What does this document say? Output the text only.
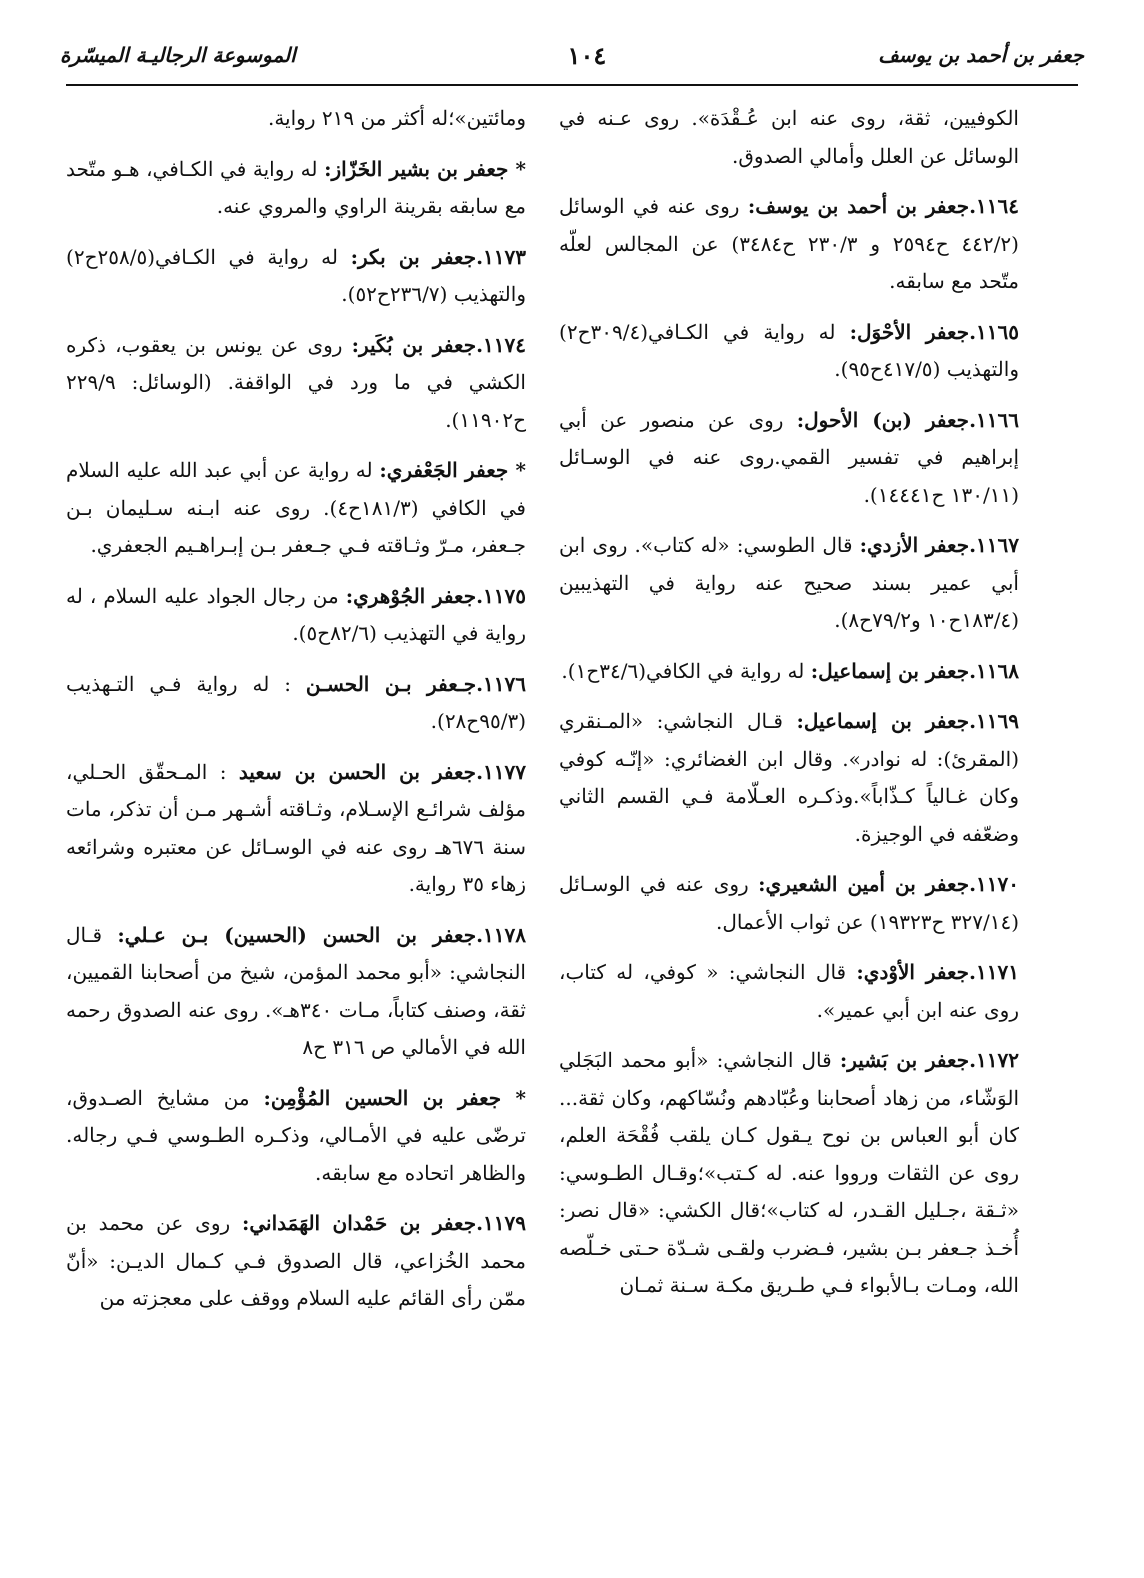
جعفر بن أحمد بن يوسف
١٠٤
الموسوعة الرجاليـة الميسّرة

الكوفيين، ثقة، روى عنه ابن عُـقْدَة». روى عـنه في الوسائل عن العلل وأمالي الصدوق.

١١٦٤.جعفر بن أحمد بن يوسف: روى عنه في الوسائل (٤٤٢/٢ ح٢٥٩٤ و ٢٣٠/٣ ح٣٤٨٤) عن المجالس لعلّه متّحد مع سابقه.

١١٦٥.جعفر الأحْوَل: له رواية في الكـافي(٣٠٩/٤ح٢) والتهذيب (٤١٧/٥ح٩٥).

١١٦٦.جعفر (بن) الأحول: روى عن منصور عن أبي إبراهيم في تفسير القمي.روى عنه في الوسـائل (١٣٠/١١ ح١٤٤٤١).

١١٦٧.جعفر الأزدي: قال الطوسي: «له كتاب». روى ابن أبي عمير بسند صحيح عنه رواية في التهذيبين (١٨٣/٤ح١٠ و٧٩/٢ح٨).

١١٦٨.جعفر بن إسماعيل: له رواية في الكافي(٣٤/٦ح١).

١١٦٩.جعفر بن إسماعيل: قـال النجاشي: «المـنقري (المقرئ): له نوادر». وقال ابن الغضائري: «إنّـه كوفي وكان غـالياً كـذّاباً».وذكـره العـلّامة فـي القسم الثاني وضعّفه في الوجيزة.

١١٧٠.جعفر بن أمين الشعيري: روى عنه في الوسـائل (٣٢٧/١٤ ح١٩٣٢٣) عن ثواب الأعمال.

١١٧١.جعفر الأوْدي: قال النجاشي: « كوفي، له كتاب، روى عنه ابن أبي عمير».

١١٧٢.جعفر بن بَشير: قال النجاشي: «أبو محمد البَجَلي الوَشّاء، من زهاد أصحابنا وعُبّادهم ونُسّاكهم، وكان ثقة... كان أبو العباس بن نوح يـقول كـان يلقب فُقْحَة العلم، روى عن الثقات ورووا عنه. له كـتب»؛وقـال الطـوسي: «ثـقة ،جـليل القـدر، له كتاب»؛قال الكشي: «قال نصر: أُخـذ جـعفر بـن بشير، فـضرب ولقـى شـدّة حـتى خـلّصه الله، ومـات بـالأبواء فـي طـريق مكـة سـنة ثمـان

ومائتين»؛له أكثر من ٢١٩ رواية.

* جعفر بن بشير الخَزّاز: له رواية في الكـافي، هـو متّحد مع سابقه بقرينة الراوي والمروي عنه.

١١٧٣.جعفر بن بكر: له رواية في الكـافي(٢٥٨/٥ح٢) والتهذيب (٢٣٦/٧ح٥٢).

١١٧٤.جعفر بن بُكَير: روى عن يونس بن يعقوب، ذكره الكشي في ما ورد في الواقفة. (الوسائل: ٢٢٩/٩ ح١١٩٠٢).

* جعفر الجَعْفري: له رواية عن أبي عبد الله عليه السلام في الكافي (١٨١/٣ح٤). روى عنه ابـنه سـليمان بـن جـعفر، مـرّ وثـاقته فـي جـعفر بـن إبـراهـيم الجعفري.

١١٧٥.جعفر الجُوْهري: من رجال الجواد عليه السلام ، له رواية في التهذيب (٨٢/٦ح٥).

١١٧٦.جـعفر بـن الحسـن : له رواية فـي التـهذيب (٩٥/٣ح٢٨).

١١٧٧.جعفر بن الحسن بن سعيد : المـحقّق الحـلي، مؤلف شرائـع الإسـلام، وثـاقته أشـهر مـن أن تذكر، مات سنة ٦٧٦هـ روى عنه في الوسـائل عن معتبره وشرائعه زهاء ٣٥ رواية.

١١٧٨.جعفر بن الحسن (الحسين) بـن عـلي: قـال النجاشي: «أبو محمد المؤمن، شيخ من أصحابنا القميين، ثقة، وصنف كتاباً، مـات ٣٤٠هـ». روى عنه الصدوق رحمه الله في الأمالي ص ٣١٦ ح٨

* جعفر بن الحسين المُؤْمِن: من مشايخ الصـدوق، ترضّى عليه في الأمـالي، وذكـره الطـوسي فـي رجاله. والظاهر اتحاده مع سابقه.

١١٧٩.جعفر بن حَمْدان الهَمَداني: روى عن محمد بن محمد الخُزاعي، قال الصدوق فـي كـمال الديـن: «أنّ ممّن رأى القائم عليه السلام ووقف على معجزته من
